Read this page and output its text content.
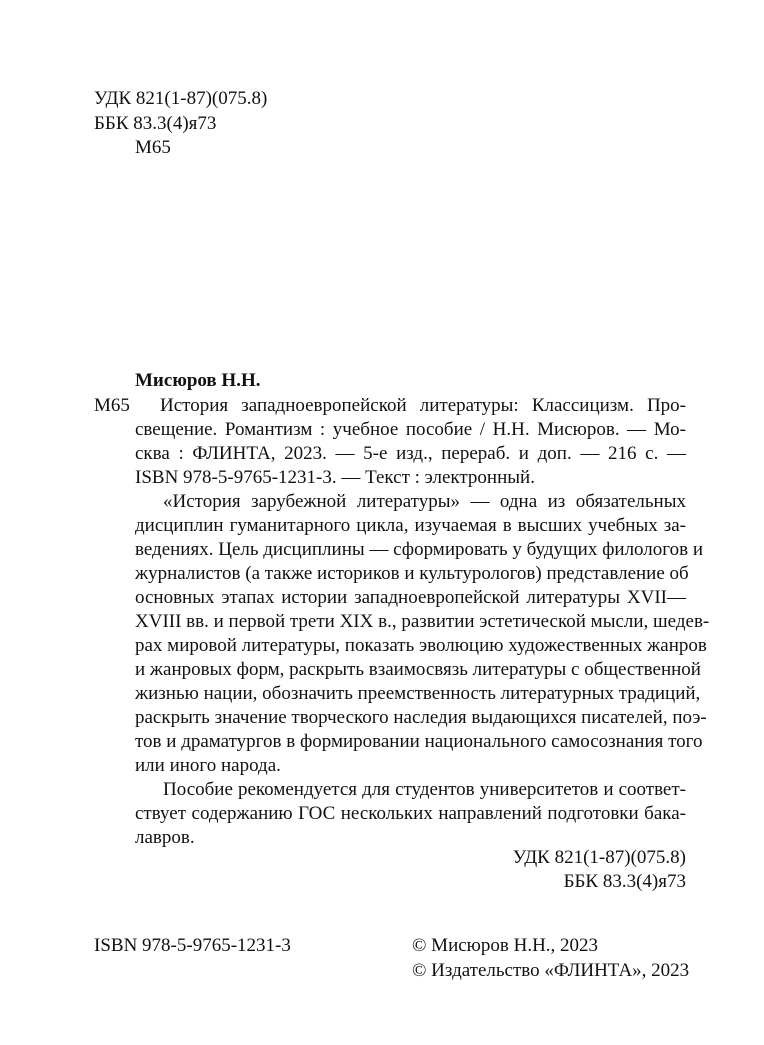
УДК 821(1-87)(075.8)
ББК 83.3(4)я73
М65
Мисюров Н.Н.
М65 История западноевропейской литературы: Классицизм. Про-
свещение. Романтизм : учебное пособие / Н.Н. Мисюров. — Мо-
сква : ФЛИНТА, 2023. — 5-е изд., перераб. и доп. — 216 с. —
ISBN 978-5-9765-1231-3. — Текст : электронный.
«История зарубежной литературы» — одна из обязательных
дисциплин гуманитарного цикла, изучаемая в высших учебных за-
ведениях. Цель дисциплины — сформировать у будущих филологов и
журналистов (а также историков и культурологов) представление об
основных этапах истории западноевропейской литературы XVII—
XVIII вв. и первой трети XIX в., развитии эстетической мысли, шедев-
рах мировой литературы, показать эволюцию художественных жанров
и жанровых форм, раскрыть взаимосвязь литературы с общественной
жизнью нации, обозначить преемственность литературных традиций,
раскрыть значение творческого наследия выдающихся писателей, поэ-
тов и драматургов в формировании национального самосознания того
или иного народа.
Пособие рекомендуется для студентов университетов и соответ-
ствует содержанию ГОС нескольких направлений подготовки бака-
лавров.
УДК 821(1-87)(075.8)
ББК 83.3(4)я73
ISBN 978-5-9765-1231-3	© Мисюров Н.Н., 2023
© Издательство «ФЛИНТА», 2023
